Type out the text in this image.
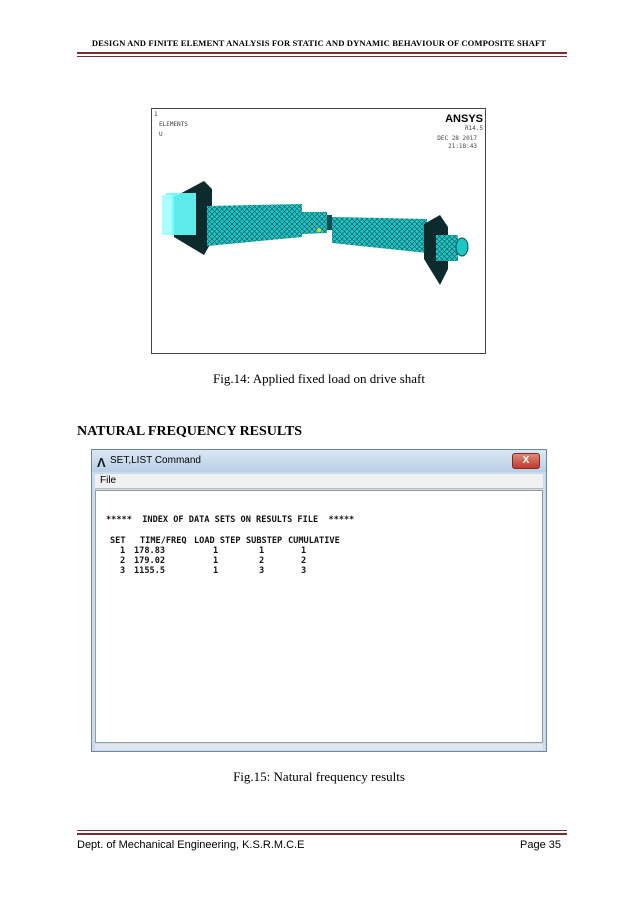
DESIGN AND FINITE ELEMENT ANALYSIS FOR STATIC AND DYNAMIC BEHAVIOUR OF COMPOSITE SHAFT
1
ELEMENTS
U
ANSYS
R14.5
DEC 28 2017
21:18:43
Fig.14: Applied fixed load on drive shaft
NATURAL FREQUENCY RESULTS
Λ SET,LIST Command	X
File
*****  INDEX OF DATA SETS ON RESULTS FILE  *****
SET TIME/FREQ LOAD STEP SUBSTEP CUMULATIVE
1 178.83	1	1	1
2 179.02	1	2	2
3 1155.5	1	3	3
Fig.15: Natural frequency results
Dept. of Mechanical Engineering, K.S.R.M.C.E	Page 35
